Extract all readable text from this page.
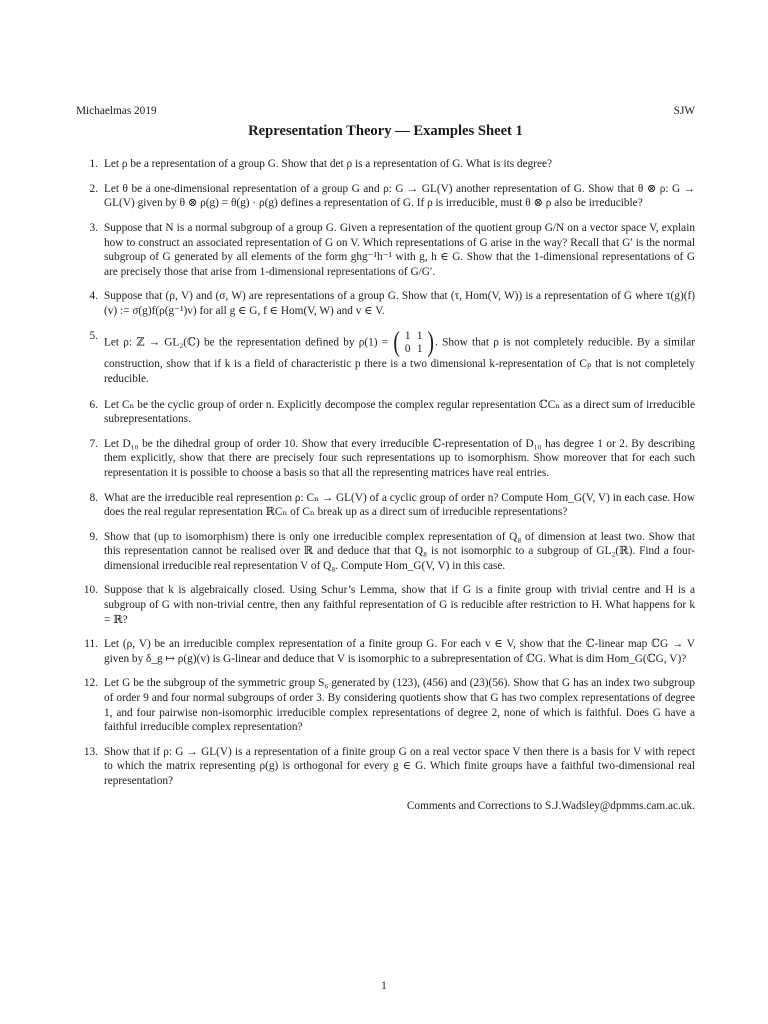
Michaelmas 2019	SJW
Representation Theory — Examples Sheet 1
1. Let ρ be a representation of a group G. Show that det ρ is a representation of G. What is its degree?
2. Let θ be a one-dimensional representation of a group G and ρ: G → GL(V) another representation of G. Show that θ ⊗ ρ: G → GL(V) given by θ ⊗ ρ(g) = θ(g) · ρ(g) defines a representation of G. If ρ is irreducible, must θ ⊗ ρ also be irreducible?
3. Suppose that N is a normal subgroup of a group G. Given a representation of the quotient group G/N on a vector space V, explain how to construct an associated representation of G on V. Which representations of G arise in the way? Recall that G′ is the normal subgroup of G generated by all elements of the form ghg⁻¹h⁻¹ with g, h ∈ G. Show that the 1-dimensional representations of G are precisely those that arise from 1-dimensional representations of G/G′.
4. Suppose that (ρ, V) and (σ, W) are representations of a group G. Show that (τ, Hom(V, W)) is a representation of G where τ(g)(f)(v) := σ(g)f(ρ(g⁻¹)v) for all g ∈ G, f ∈ Hom(V, W) and v ∈ V.
5.
Let ρ: ℤ → GL₂(ℂ) be the representation defined by ρ(1) = ( 1 1
0 1 ) . Show that ρ is not completely reducible. By a similar construction, show that if k is a field of characteristic p there is a two dimensional k-representation of Cₚ that is not completely reducible.
6. Let Cₙ be the cyclic group of order n. Explicitly decompose the complex regular representation ℂCₙ as a direct sum of irreducible subrepresentations.
7. Let D₁₀ be the dihedral group of order 10. Show that every irreducible ℂ-representation of D₁₀ has degree 1 or 2. By describing them explicitly, show that there are precisely four such representations up to isomorphism. Show moreover that for each such representation it is possible to choose a basis so that all the representing matrices have real entries.
8. What are the irreducible real represention ρ: Cₙ → GL(V) of a cyclic group of order n? Compute Hom_G(V, V) in each case. How does the real regular representation ℝCₙ of Cₙ break up as a direct sum of irreducible representations?
9. Show that (up to isomorphism) there is only one irreducible complex representation of Q₈ of dimension at least two. Show that this representation cannot be realised over ℝ and deduce that that Q₈ is not isomorphic to a subgroup of GL₂(ℝ). Find a four-dimensional irreducible real representation V of Q₈. Compute Hom_G(V, V) in this case.
10. Suppose that k is algebraically closed. Using Schur’s Lemma, show that if G is a finite group with trivial centre and H is a subgroup of G with non-trivial centre, then any faithful representation of G is reducible after restriction to H. What happens for k = ℝ?
11. Let (ρ, V) be an irreducible complex representation of a finite group G. For each v ∈ V, show that the ℂ-linear map ℂG → V given by δ_g ↦ ρ(g)(v) is G-linear and deduce that V is isomorphic to a subrepresentation of ℂG. What is dim Hom_G(ℂG, V)?
12. Let G be the subgroup of the symmetric group S₆ generated by (123), (456) and (23)(56). Show that G has an index two subgroup of order 9 and four normal subgroups of order 3. By considering quotients show that G has two complex representations of degree 1, and four pairwise non-isomorphic irreducible complex representations of degree 2, none of which is faithful. Does G have a faithful irreducible complex representation?
13. Show that if ρ: G → GL(V) is a representation of a finite group G on a real vector space V then there is a basis for V with repect to which the matrix representing ρ(g) is orthogonal for every g ∈ G. Which finite groups have a faithful two-dimensional real representation?
Comments and Corrections to S.J.Wadsley@dpmms.cam.ac.uk.
1
